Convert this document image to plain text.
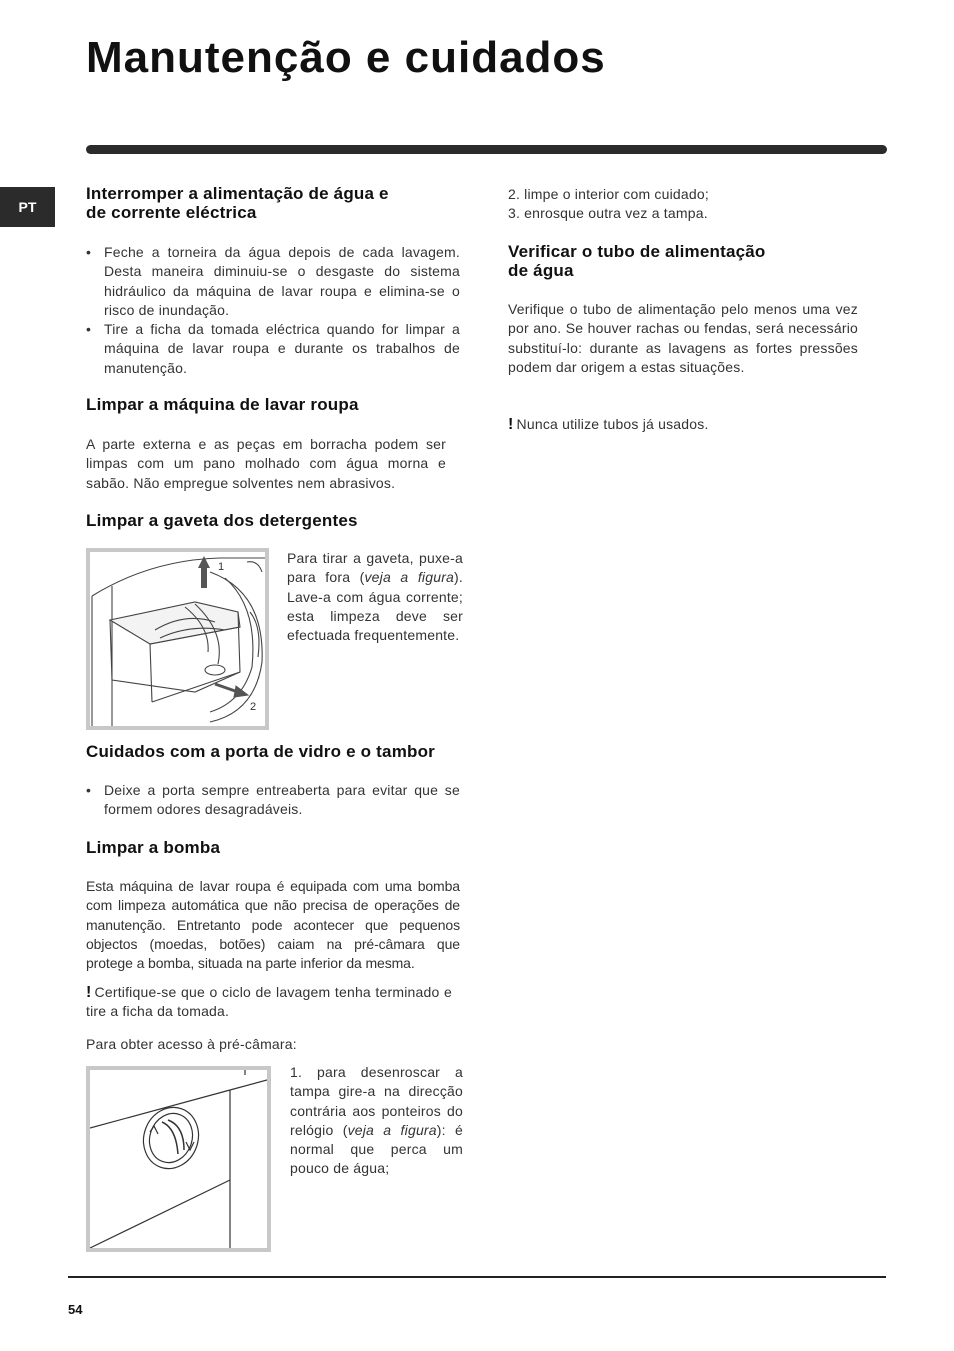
Manutenção e cuidados
PT
Interromper a alimentação de água e
de corrente eléctrica
• Feche a torneira da água depois de cada lavagem. Desta maneira diminuiu-se o desgaste do sistema hidráulico da máquina de lavar roupa e elimina-se o risco de inundação.
• Tire a ficha da tomada eléctrica quando for limpar a máquina de lavar roupa e durante os trabalhos de manutenção.
Limpar a máquina de lavar roupa

A parte externa e as peças em borracha podem ser limpas com um pano molhado com água morna e sabão. Não empregue solventes nem abrasivos.

Limpar a gaveta dos detergentes
1
2

Para tirar a gaveta, puxe-a para fora (veja a figura). Lave-a com água corrente; esta limpeza deve ser efectuada frequentemente.

Cuidados com a porta de vidro e o tambor
• Deixe a porta sempre entreaberta para evitar que se formem odores desagradáveis.
Limpar a bomba

Esta máquina de lavar roupa é equipada com uma bomba com limpeza automática que não precisa de operações de manutenção. Entretanto pode acontecer que pequenos objectos (moedas, botões) caiam na pré-câmara que protege a bomba, situada na parte inferior da mesma.

! Certifique-se que o ciclo de lavagem tenha terminado e tire a ficha da tomada.

Para obter acesso à pré-câmara:

1. para desenroscar a tampa gire-a na direcção contrária aos ponteiros do relógio (veja a figura): é normal que perca um pouco de água;

2. limpe o interior com cuidado;

3. enrosque outra vez a tampa.

Verificar o tubo de alimentação
de água

Verifique o tubo de alimentação pelo menos uma vez por ano. Se houver rachas ou fendas, será necessário substituí-lo: durante as lavagens as fortes pressões podem dar origem a estas situações.

! Nunca utilize tubos já usados.

54
